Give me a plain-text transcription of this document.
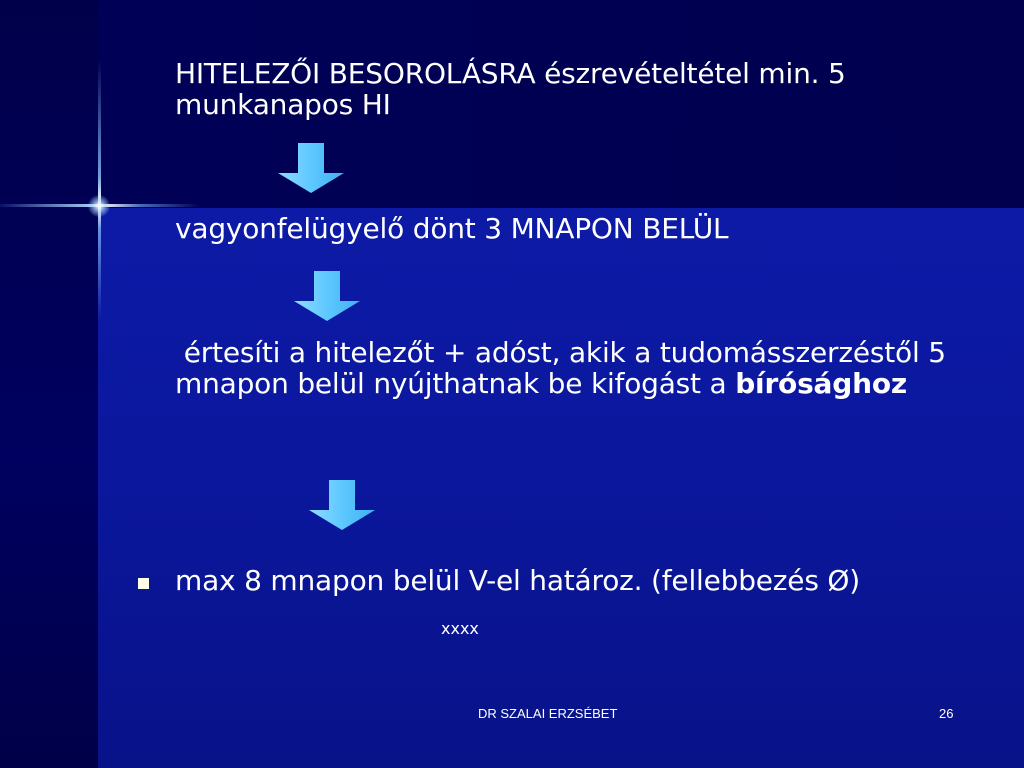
HITELEZŐI BESOROLÁSRA észrevételtétel min. 5 munkanapos HI
vagyonfelügyelő dönt 3 MNAPON BELÜL
értesíti a hitelezőt + adóst, akik a tudomásszerzéstől 5 mnapon belül nyújthatnak be kifogást a bírósághoz
max 8 mnapon belül V-el határoz. (fellebbezés Ø)
xxxx
DR SZALAI ERZSÉBET	26
